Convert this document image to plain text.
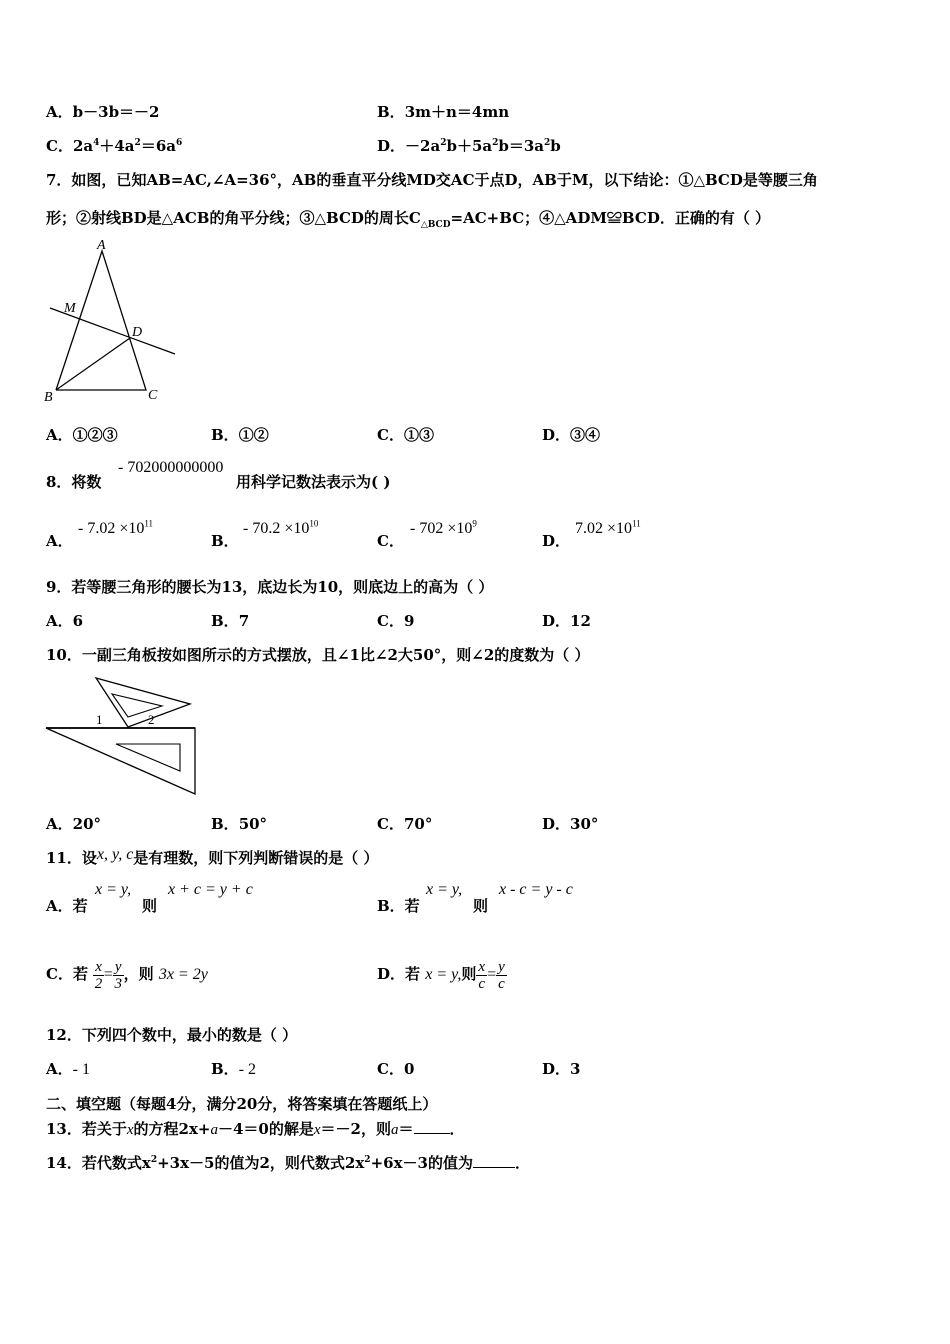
A．b－3b＝－2	B．3m＋n＝4mn
C．$2a^4+4a^2=6a^6$	D．$-2a^2b+5a^2b=3a^2b$
7．如图，已知AB=AC,∠A=36°，AB的垂直平分线MD交AC于点D，AB于M，以下结论：①△BCD是等腰三角
形；②射线BD是△ACB的角平分线；③△BCD的周长$C_{\triangle BCD}=AC+BC$；④△ADM≌BCD．正确的有（ ）
A
B	C
M
D
A．①②③	B．①②	C．①③	D．③④
8．将数
- 702000000000
用科学记数法表示为( )
A．
- $7.02 \times 10^{11}$
B．
- $70.2 \times 10^{10}$
C．
- $702 \times 10^9$
D．
$7.02 \times 10^{11}$
9．若等腰三角形的腰长为13，底边长为10，则底边上的高为（ ）
A．6	B．7	C．9	D．12
10．一副三角板按如图所示的方式摆放，且∠1比∠2大50°，则∠2的度数为（ ）
1	2
A．20°	B．50°	C．70°	D．30°
11．设x, y, c是有理数，则下列判断错误的是（ ）
A．若
x = y,
则
x + c = y + c
B．若
x = y,
则
x - c = y - c
C．若 $\frac{x}{2} = \frac{y}{3}$ ，则 3x = 2y	D．若 x = y,则 $\frac{x}{c} = \frac{y}{c}$
12．下列四个数中，最小的数是（ ）
A．- 1	B．- 2	C．0	D．3
二、填空题（每题4分，满分20分，将答案填在答题纸上）
13．若关于x的方程2x+a－4＝0的解是x＝－2，则a＝ ．
14．若代数式$x^2+3x-5$的值为2，则代数式$2x^2+6x-3$的值为	．
